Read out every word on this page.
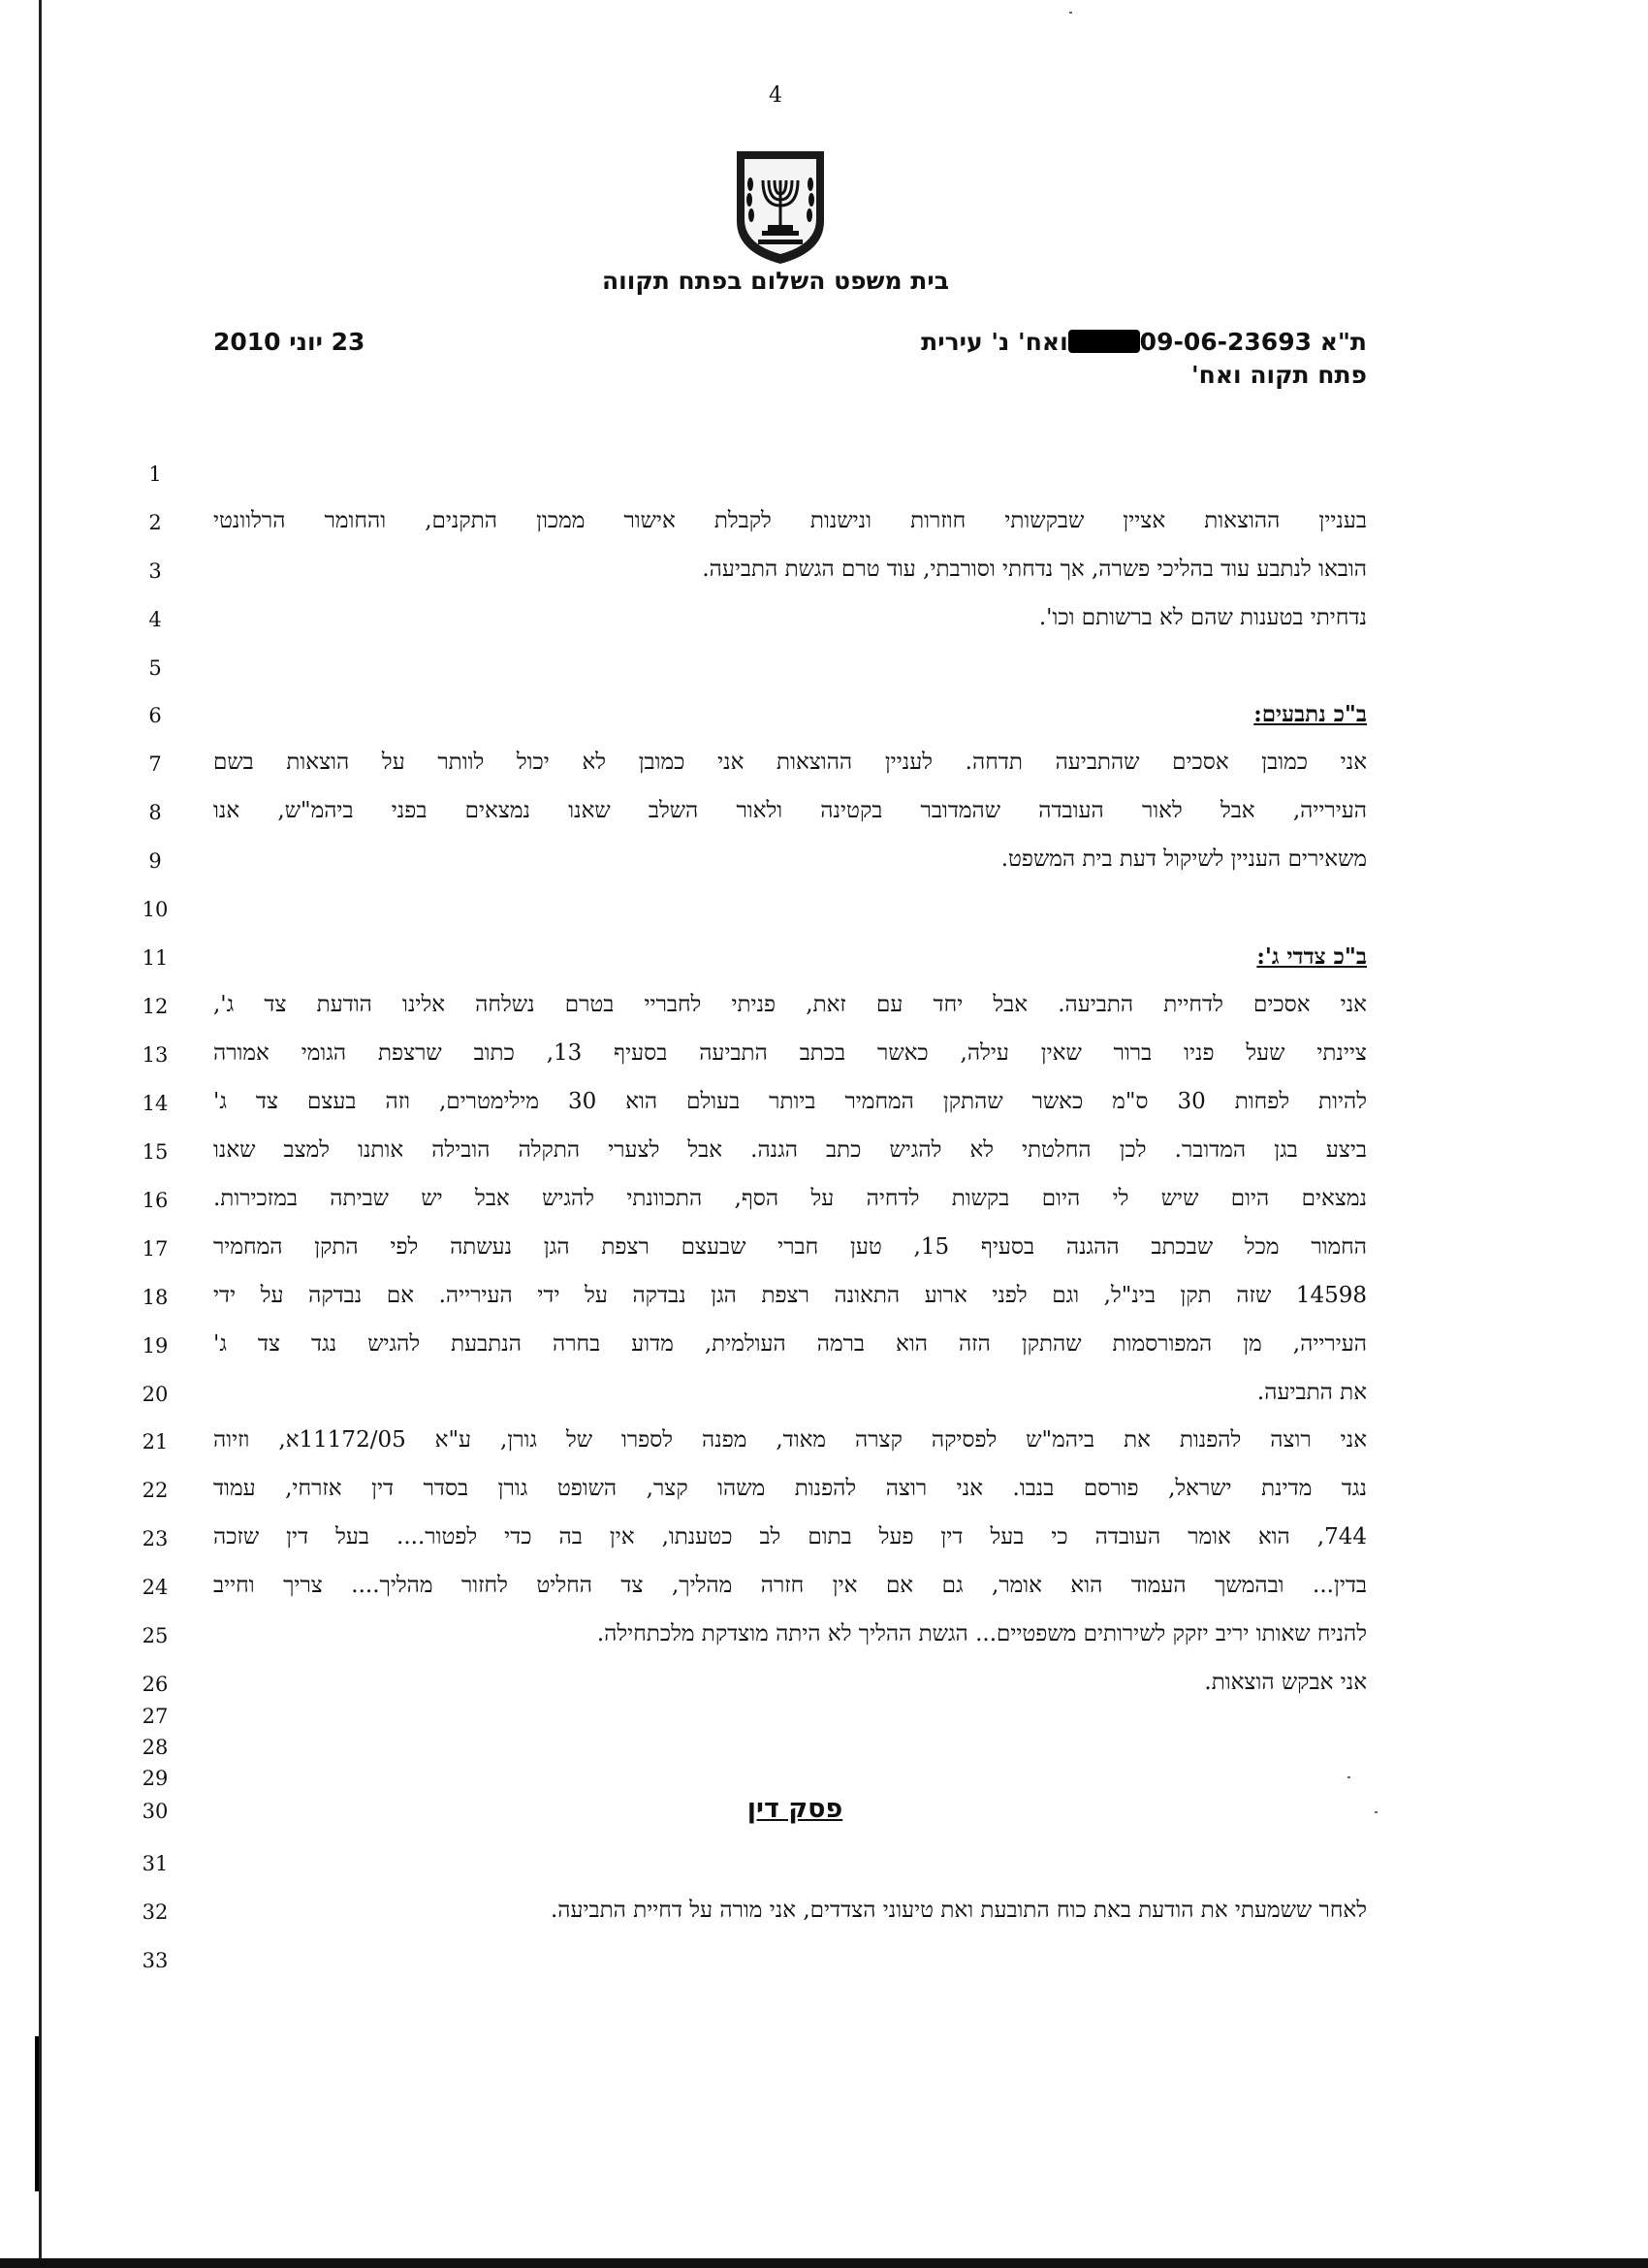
4
בית משפט השלום בפתח תקווה
ת"א 09-06-23693ואח' נ' עירית
פתח תקוה ואח'
23 יוני 2010
1
2
3
4
5
6
7
8
9
10
11
12
13
14
15
16
17
18
19
20
21
22
23
24
25
26
27
28
29
30
31
32
33
בעניין ההוצאות אציין שבקשותי חוזרות ונישנות לקבלת אישור ממכון התקנים, והחומר הרלוונטי
הובאו לנתבע עוד בהליכי פשרה, אך נדחתי וסורבתי, עוד טרם הגשת התביעה.
נדחיתי בטענות שהם לא ברשותם וכו'.
ב"כ נתבעים:
אני כמובן אסכים שהתביעה תדחה. לעניין ההוצאות אני כמובן לא יכול לוותר על הוצאות בשם
העירייה, אבל לאור העובדה שהמדובר בקטינה ולאור השלב שאנו נמצאים בפני ביהמ"ש, אנו
משאירים העניין לשיקול דעת בית המשפט.
ב"כ צדדי ג':
אני אסכים לדחיית התביעה. אבל יחד עם זאת, פניתי לחבריי בטרם נשלחה אלינו הודעת צד ג',
ציינתי שעל פניו ברור שאין עילה, כאשר בכתב התביעה בסעיף 13, כתוב שרצפת הגומי אמורה
להיות לפחות 30 ס"מ כאשר שהתקן המחמיר ביותר בעולם הוא 30 מילימטרים, וזה בעצם צד ג'
ביצע בגן המדובר. לכן החלטתי לא להגיש כתב הגנה. אבל לצערי התקלה הובילה אותנו למצב שאנו
נמצאים היום שיש לי היום בקשות לדחיה על הסף, התכוונתי להגיש אבל יש שביתה במזכירות.
החמור מכל שבכתב ההגנה בסעיף 15, טען חברי שבעצם רצפת הגן נעשתה לפי התקן המחמיר
14598 שזה תקן בינ"ל, וגם לפני ארוע התאונה רצפת הגן נבדקה על ידי העירייה. אם נבדקה על ידי
העירייה, מן המפורסמות שהתקן הזה הוא ברמה העולמית, מדוע בחרה הנתבעת להגיש נגד צד ג'
את התביעה.
אני רוצה להפנות את ביהמ"ש לפסיקה קצרה מאוד, מפנה לספרו של גורן, ע"א 11172/05א, וזיוה
נגד מדינת ישראל, פורסם בנבו. אני רוצה להפנות משהו קצר, השופט גורן בסדר דין אזרחי, עמוד
744, הוא אומר העובדה כי בעל דין פעל בתום לב כטענתו, אין בה כדי לפטור.... בעל דין שזכה
בדין... ובהמשך העמוד הוא אומר, גם אם אין חזרה מהליך, צד החליט לחזור מהליך.... צריך וחייב
להניח שאותו יריב יזקק לשירותים משפטיים... הגשת ההליך לא היתה מוצדקת מלכתחילה.
אני אבקש הוצאות.
פסק דין
לאחר ששמעתי את הודעת באת כוח התובעת ואת טיעוני הצדדים, אני מורה על דחיית התביעה.
